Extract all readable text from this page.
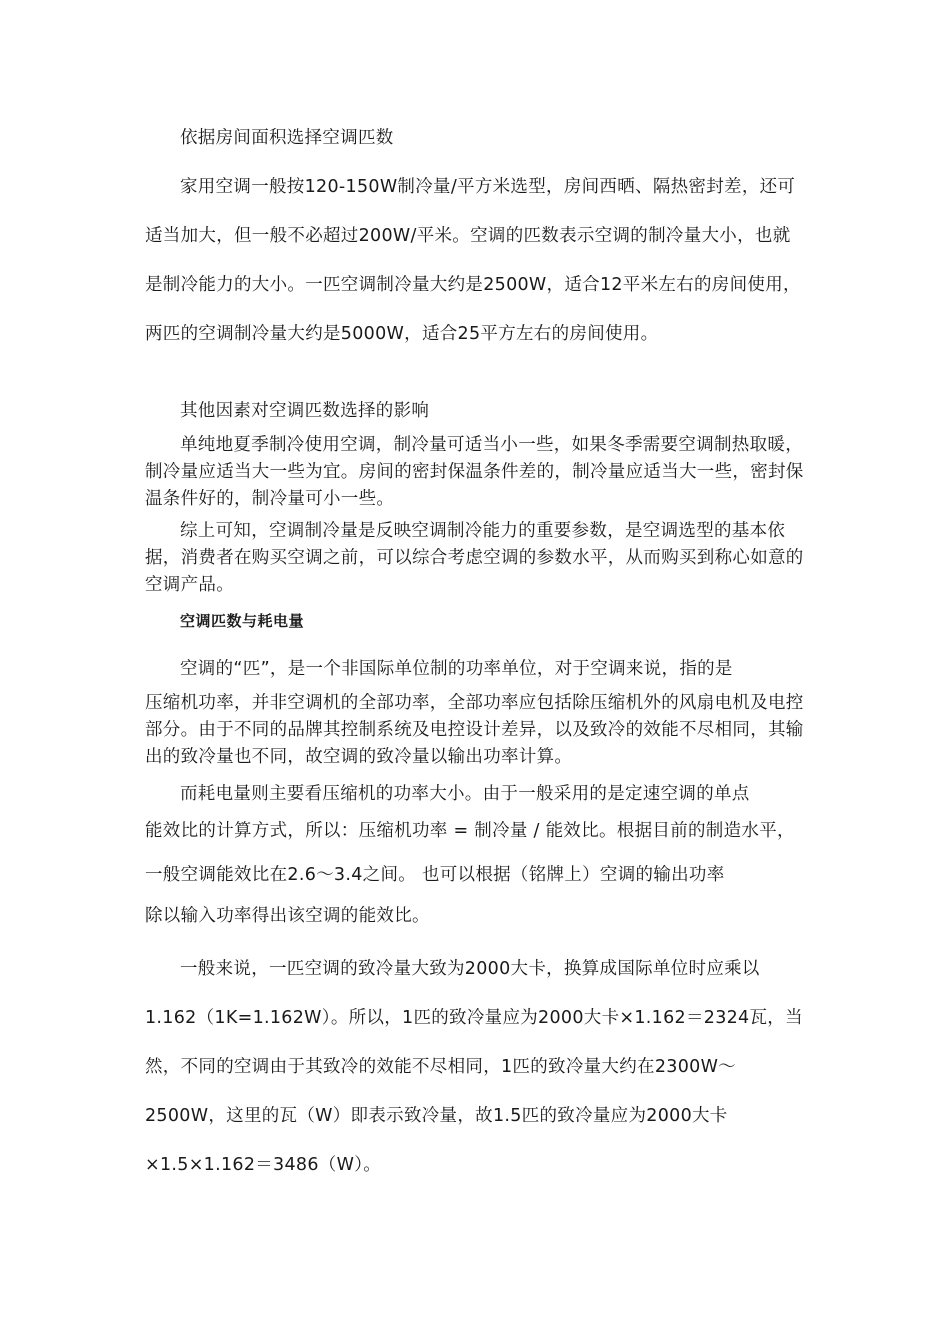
依据房间面积选择空调匹数

家用空调一般按120-150W制冷量/平方米选型，房间西晒、隔热密封差，还可适当加大，但一般不必超过200W/平米。空调的匹数表示空调的制冷量大小，也就是制冷能力的大小。一匹空调制冷量大约是2500W，适合12平米左右的房间使用，两匹的空调制冷量大约是5000W，适合25平方左右的房间使用。

其他因素对空调匹数选择的影响

单纯地夏季制冷使用空调，制冷量可适当小一些，如果冬季需要空调制热取暖，制冷量应适当大一些为宜。房间的密封保温条件差的，制冷量应适当大一些，密封保温条件好的，制冷量可小一些。

综上可知，空调制冷量是反映空调制冷能力的重要参数，是空调选型的基本依据，消费者在购买空调之前，可以综合考虑空调的参数水平，从而购买到称心如意的空调产品。

空调匹数与耗电量

空调的“匹”，是一个非国际单位制的功率单位，对于空调来说，指的是

压缩机功率，并非空调机的全部功率，全部功率应包括除压缩机外的风扇电机及电控部分。由于不同的品牌其控制系统及电控设计差异，以及致冷的效能不尽相同，其输出的致冷量也不同，故空调的致冷量以输出功率计算。

而耗电量则主要看压缩机的功率大小。由于一般采用的是定速空调的单点

能效比的计算方式，所以：压缩机功率 = 制冷量 / 能效比。根据目前的制造水平，一般空调能效比在2.6～3.4之间。 也可以根据（铭牌上）空调的输出功率

除以输入功率得出该空调的能效比。

一般来说，一匹空调的致冷量大致为2000大卡，换算成国际单位时应乘以1.162（1K=1.162W）。所以，1匹的致冷量应为2000大卡×1.162＝2324瓦，当然，不同的空调由于其致冷的效能不尽相同，1匹的致冷量大约在2300W～2500W，这里的瓦（W）即表示致冷量，故1.5匹的致冷量应为2000大卡×1.5×1.162＝3486（W）。
